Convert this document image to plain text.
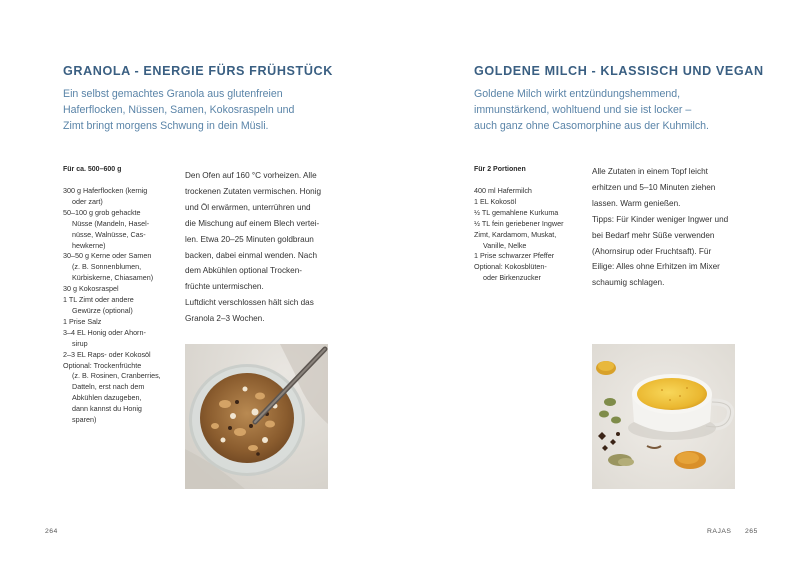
GRANOLA - ENERGIE FÜRS FRÜHSTÜCK

Ein selbst gemachtes Granola aus glutenfreien
Haferflocken, Nüssen, Samen, Kokosraspeln und
Zimt bringt morgens Schwung in dein Müsli.

Für ca. 500–600 g
300 g Haferflocken (kernig
oder zart)
50–100 g grob gehackte
Nüsse (Mandeln, Hasel-
nüsse, Walnüsse, Cas-
hewkerne)
30–50 g Kerne oder Samen
(z. B. Sonnenblumen,
Kürbiskerne, Chiasamen)
30 g Kokosraspel
1 TL Zimt oder andere
Gewürze (optional)
1 Prise Salz
3–4 EL Honig oder Ahorn-
sirup
2–3 EL Raps- oder Kokosöl
Optional: Trockenfrüchte
(z. B. Rosinen, Cranberries,
Datteln, erst nach dem
Abkühlen dazugeben,
dann kannst du Honig
sparen)

Den Ofen auf 160 °C vorheizen. Alle
trockenen Zutaten vermischen. Honig
und Öl erwärmen, unterrühren und
die Mischung auf einem Blech vertei-
len. Etwa 20–25 Minuten goldbraun
backen, dabei einmal wenden. Nach
dem Abkühlen optional Trocken-
früchte untermischen.
Luftdicht verschlossen hält sich das
Granola 2–3 Wochen.

264
GOLDENE MILCH - KLASSISCH UND VEGAN

Goldene Milch wirkt entzündungshemmend,
immunstärkend, wohltuend und sie ist locker –
auch ganz ohne Casomorphine aus der Kuhmilch.

Für 2 Portionen
400 ml Hafermilch
1 EL Kokosöl
½ TL gemahlene Kurkuma
½ TL fein geriebener Ingwer
Zimt, Kardamom, Muskat,
Vanille, Nelke
1 Prise schwarzer Pfeffer
Optional: Kokosblüten-
oder Birkenzucker

Alle Zutaten in einem Topf leicht
erhitzen und 5–10 Minuten ziehen
lassen. Warm genießen.
Tipps: Für Kinder weniger Ingwer und
bei Bedarf mehr Süße verwenden
(Ahornsirup oder Fruchtsaft). Für
Eilige: Alles ohne Erhitzen im Mixer
schaumig schlagen.

RAJAS 265
